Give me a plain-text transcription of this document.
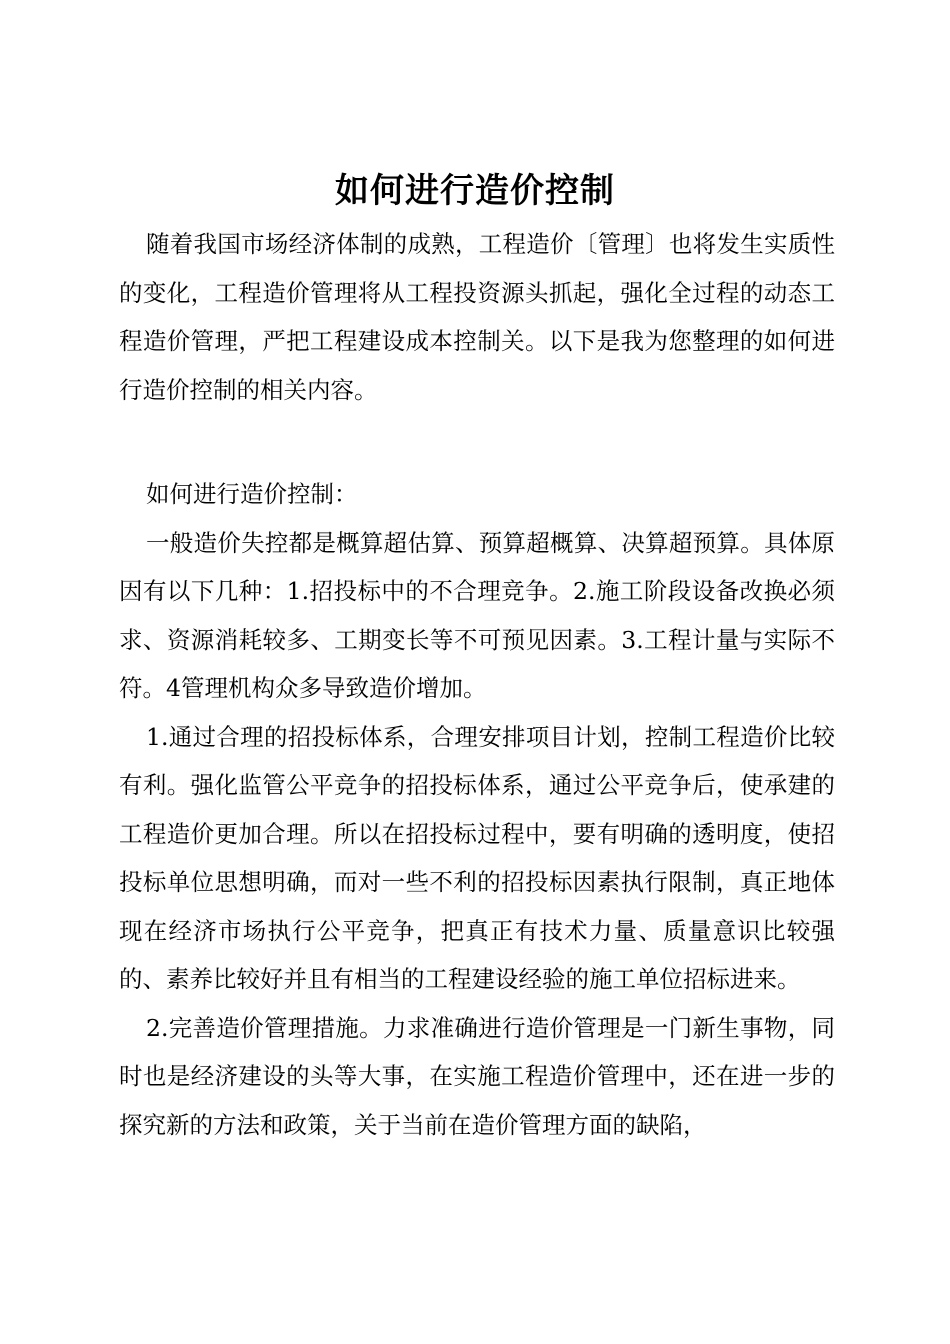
如何进行造价控制

随着我国市场经济体制的成熟，工程造价〔管理〕也将发生实质性的变化，工程造价管理将从工程投资源头抓起，强化全过程的动态工程造价管理，严把工程建设成本控制关。以下是我为您整理的如何进行造价控制的相关内容。

如何进行造价控制：

一般造价失控都是概算超估算、预算超概算、决算超预算。具体原因有以下几种：1.招投标中的不合理竞争。2.施工阶段设备改换必须求、资源消耗较多、工期变长等不可预见因素。3.工程计量与实际不符。4管理机构众多导致造价增加。

1.通过合理的招投标体系，合理安排项目计划，控制工程造价比较有利。强化监管公平竞争的招投标体系，通过公平竞争后，使承建的工程造价更加合理。所以在招投标过程中，要有明确的透明度，使招投标单位思想明确，而对一些不利的招投标因素执行限制，真正地体现在经济市场执行公平竞争，把真正有技术力量、质量意识比较强的、素养比较好并且有相当的工程建设经验的施工单位招标进来。

2.完善造价管理措施。力求准确进行造价管理是一门新生事物，同时也是经济建设的头等大事，在实施工程造价管理中，还在进一步的探究新的方法和政策，关于当前在造价管理方面的缺陷，
